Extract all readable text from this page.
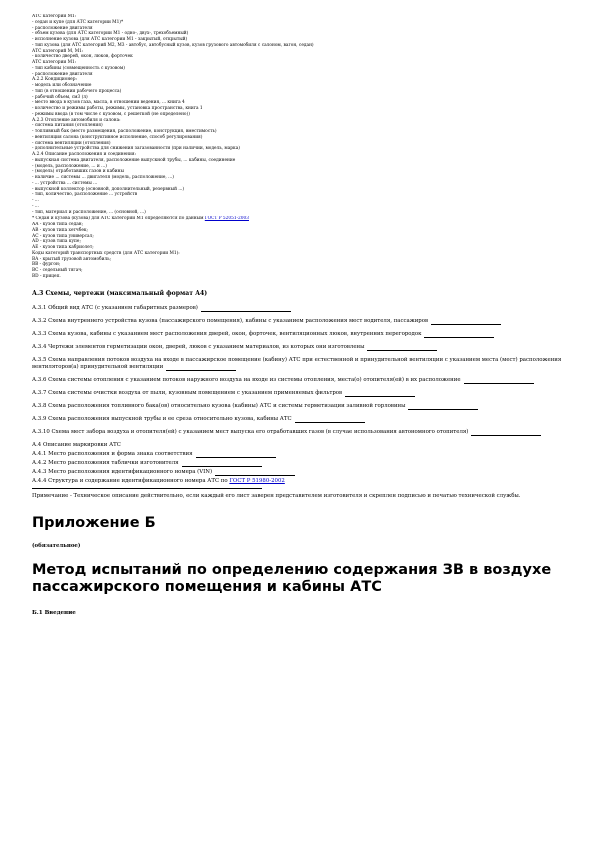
АТС категории М1:
- седан и купе (для АТС категории М1)*
- расположение двигателя
- объем кузова (для АТС категории М1 - одно-, двух-, трехобъемный)
- исполнение кузова (для АТС категории М1 - закрытый, открытый)
- тип кузова (для АТС категорий М2, М3 - автобус, автобусный кузов, кузов грузового автомобиля с салоном, вагон, седан)
АТС категорий М, М1:
- количество дверей, окон, люков, форточек
АТС категории М1:
- тип кабины (совмещенность с кузовом)
- расположение двигателя
А.2.2 Кондиционер:
- модель или обозначение
- тип (в отношении рабочего процесса)
- рабочий объем, см3 (л)
- место ввода в кузов газа, масла, в отношении ведения, ... книга 4
- количество и режимы работы, режимы, установка пространства, книга 1
- режимы ввода (в том числе с кузовом, с решеткой (не определено))
А.2.3 Отопление автомобиля и салона:
- система питания (отопления)
- топливный бак (место размещения, расположение, конструкция, вместимость)
- вентиляция салона (конструктивное исполнение, способ регулирования)
- система вентиляции (отопления)
- дополнительные устройства для снижения загазованности (при наличии, модель, марка)
А.2.4 Описание расположения и соединения:
- выпускная система двигателя, расположение выпускной трубы, ... кабины, соединение
- (модель, расположение, ... и ...)
- (модель) отработавших газов и кабины
- наличие ... системы ... двигателя (модель, расположение, ...)
- ... устройства ... системы ...
- выпускной коллектор (основной, дополнительный, резервный ...)
- тип, количество, расположение ... устройств
- ...
- ...
- тип, материал и расположение, ... (основной, ...)
* Седан и кузова (кузова) для АТС категории М1 определяются по данным ГОСТ Р 52051-2003
АА - кузов типа седан;
АВ - кузов типа хетчбек;
АС - кузов типа универсал;
АD - кузов типа купе;
АЕ - кузов типа кабриолет;
Коды категорий транспортных средств (для АТС категории М1):
ВА - крытый грузовой автомобиль;
ВВ - фургон;
ВС - седельный тягач;
ВD - прицеп.
А.3 Схемы, чертежи (максимальный формат А4)
А.3.1 Общий вид АТС (с указанием габаритных размеров)
А.3.2 Схема внутреннего устройства кузова (пассажирского помещения), кабины с указанием расположения мест водителя, пассажиров
А.3.3 Схема кузова, кабины с указанием мест расположения дверей, окон, форточек, вентиляционных люков, внутренних перегородок
А.3.4 Чертежи элементов герметизации окон, дверей, люков с указанием материалов, из которых они изготовлены
А.3.5 Схема направления потоков воздуха на входе в пассажирское помещение (кабину) АТС при естественной и принудительной вентиляции с указанием места (мест) расположения вентиляторов(а) принудительной вентиляции
А.3.6 Схема системы отопления с указанием потоков наружного воздуха на входе из системы отопления, места(о) отопителя(ей) в их расположение
А.3.7 Схема системы очистки воздуха от пыли, кузовным помещением с указанием применяемых фильтров
А.3.8 Схема расположения топливного бака(ов) относительно кузова (кабины) АТС и системы герметизации заливной горловины
А.3.9 Схема расположения выпускной трубы и ее среза относительно кузова, кабины АТС
А.3.10 Схема мест забора воздуха и отопителя(ей) с указанием мест выпуска его отработавших газов (в случае использования автономного отопителя)
А.4 Описание маркировки АТС
А.4.1 Место расположения и форма знака соответствия
А.4.2 Место расположения таблички изготовителя
А.4.3 Место расположения идентификационного номера (VIN)
А.4.4 Структура и содержание идентификационного номера АТС по ГОСТ Р 51980-2002
Примечание - Техническое описание действительно, если каждый его лист заверен представителем изготовителя и скреплен подписью и печатью технической службы.
Приложение Б
(обязательное)
Метод испытаний по определению содержания ЗВ в воздухе пассажирского помещения и кабины АТС
Б.1 Введение
